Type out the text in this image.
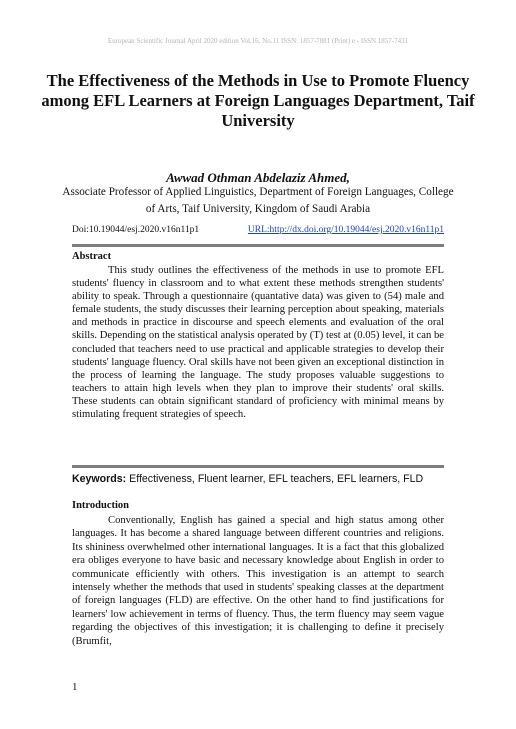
European Scientific Journal April 2020 edition Vol.16, No.11 ISSN: 1857-7881 (Print) e - ISSN 1857-7431
The Effectiveness of the Methods in Use to Promote Fluency among EFL Learners at Foreign Languages Department, Taif University
Awwad Othman Abdelaziz Ahmed,
Associate Professor of Applied Linguistics, Department of Foreign Languages, College of Arts, Taif University, Kingdom of Saudi Arabia
Doi:10.19044/esj.2020.v16n11p1	URL:http://dx.doi.org/10.19044/esj.2020.v16n11p1
Abstract
This study outlines the effectiveness of the methods in use to promote EFL students' fluency in classroom and to what extent these methods strengthen students' ability to speak. Through a questionnaire (quantative data) was given to (54) male and female students, the study discusses their learning perception about speaking, materials and methods in practice in discourse and speech elements and evaluation of the oral skills. Depending on the statistical analysis operated by (T) test at (0.05) level, it can be concluded that teachers need to use practical and applicable strategies to develop their students' language fluency. Oral skills have not been given an exceptional distinction in the process of learning the language. The study proposes valuable suggestions to teachers to attain high levels when they plan to improve their students' oral skills. These students can obtain significant standard of proficiency with minimal means by stimulating frequent strategies of speech.
Keywords: Effectiveness, Fluent learner, EFL teachers, EFL learners, FLD
Introduction
Conventionally, English has gained a special and high status among other languages. It has become a shared language between different countries and religions. Its shininess overwhelmed other international languages. It is a fact that this globalized era obliges everyone to have basic and necessary knowledge about English in order to communicate efficiently with others. This investigation is an attempt to search intensely whether the methods that used in students' speaking classes at the department of foreign languages (FLD) are effective. On the other hand to find justifications for learners' low achievement in terms of fluency. Thus, the term fluency may seem vague regarding the objectives of this investigation; it is challenging to define it precisely (Brumfit,
1
